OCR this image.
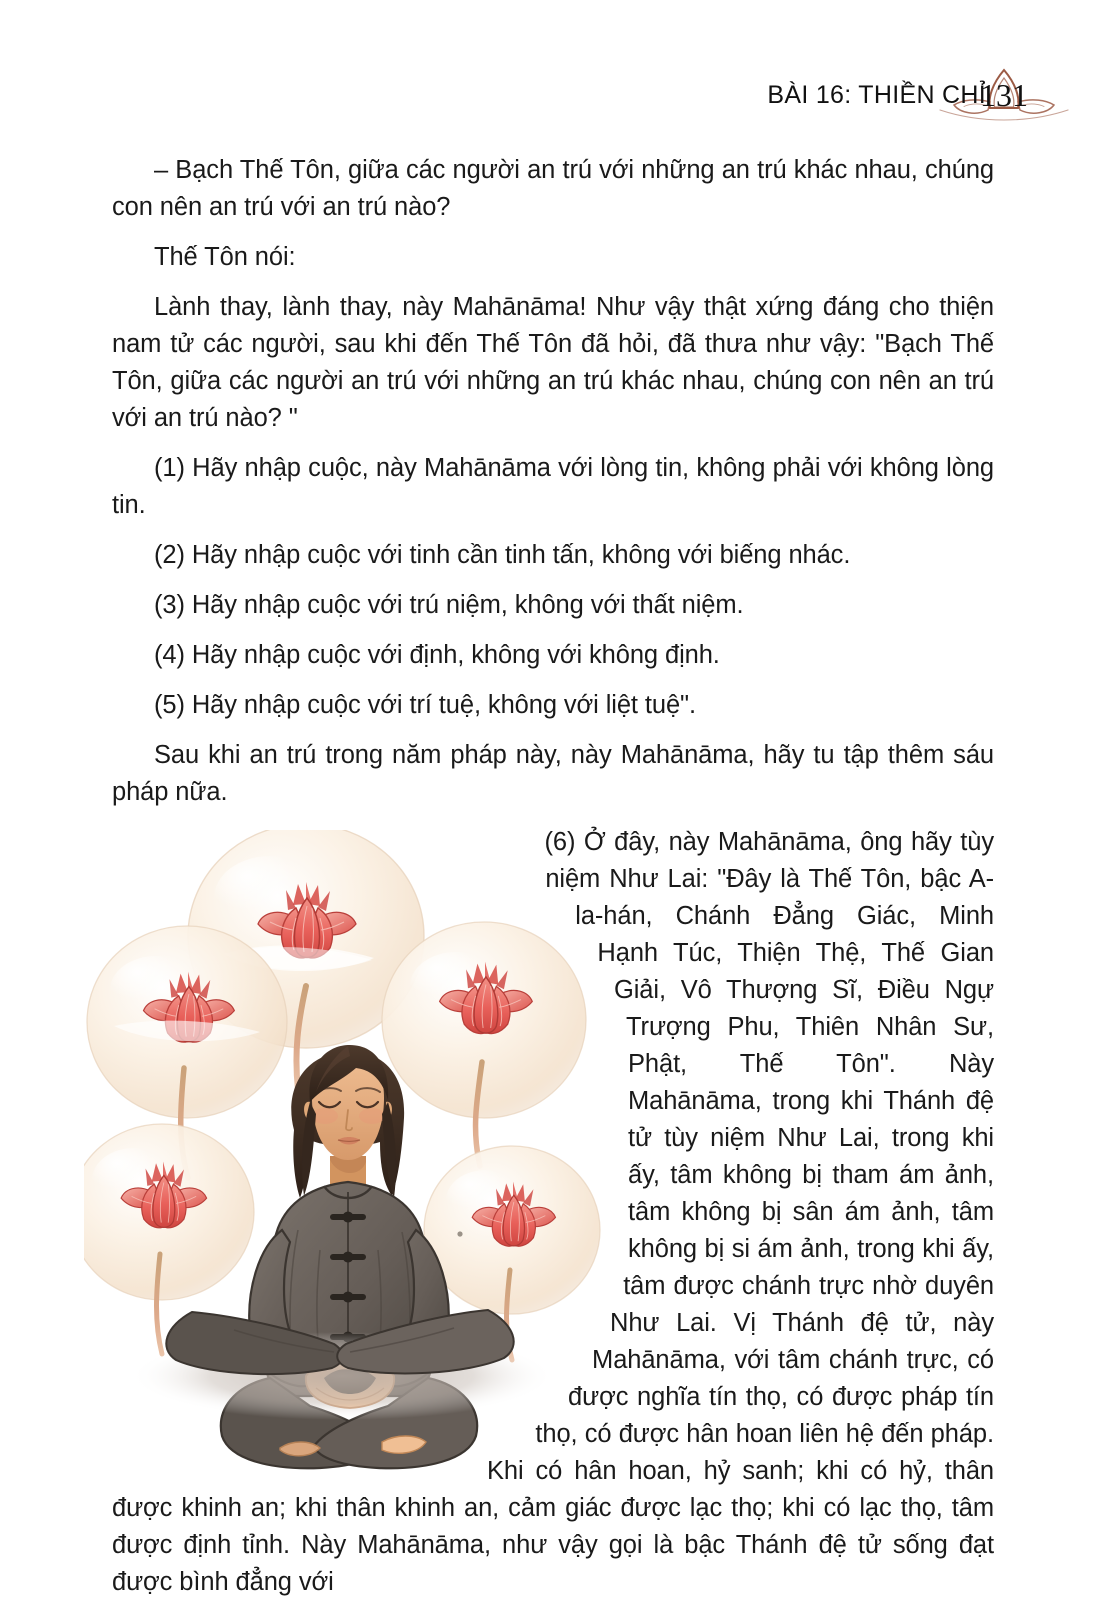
BÀI 16: THIỀN CHỈ
131

– Bạch Thế Tôn, giữa các người an trú với những an trú khác nhau, chúng con nên an trú với an trú nào?

Thế Tôn nói:

Lành thay, lành thay, này Mahānāma! Như vậy thật xứng đáng cho thiện nam tử các người, sau khi đến Thế Tôn đã hỏi, đã thưa như vậy: "Bạch Thế Tôn, giữa các người an trú với những an trú khác nhau, chúng con nên an trú với an trú nào? "

(1) Hãy nhập cuộc, này Mahānāma với lòng tin, không phải với không lòng tin.

(2) Hãy nhập cuộc với tinh cần tinh tấn, không với biếng nhác.

(3) Hãy nhập cuộc với trú niệm, không với thất niệm.

(4) Hãy nhập cuộc với định, không với không định.

(5) Hãy nhập cuộc với trí tuệ, không với liệt tuệ".

Sau khi an trú trong năm pháp này, này Mahānāma, hãy tu tập thêm sáu pháp nữa.

(6) Ở đây, này Mahānāma, ông hãy tùy niệm Như Lai: "Đây là Thế Tôn, bậc A-la-hán, Chánh Đẳng Giác, Minh Hạnh Túc, Thiện Thệ, Thế Gian Giải, Vô Thượng Sĩ, Điều Ngự Trượng Phu, Thiên Nhân Sư, Phật, Thế Tôn". Này Mahānāma, trong khi Thánh đệ tử tùy niệm Như Lai, trong khi ấy, tâm không bị tham ám ảnh, tâm không bị sân ám ảnh, tâm không bị si ám ảnh, trong khi ấy, tâm được chánh trực nhờ duyên Như Lai. Vị Thánh đệ tử, này Mahānāma, với tâm chánh trực, có được nghĩa tín thọ, có được pháp tín thọ, có được hân hoan liên hệ đến pháp. Khi có hân hoan, hỷ sanh; khi có hỷ, thân được khinh an; khi thân khinh an, cảm giác được lạc thọ; khi có lạc thọ, tâm được định tỉnh. Này Mahānāma, như vậy gọi là bậc Thánh đệ tử sống đạt được bình đẳng với
